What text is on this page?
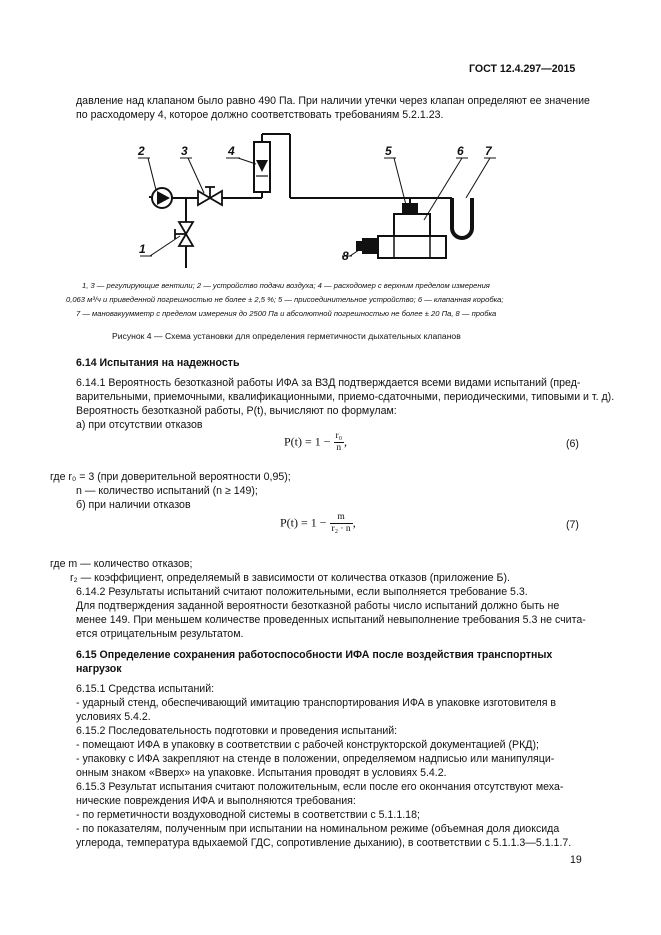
ГОСТ 12.4.297—2015
давление над клапаном было равно 490 Па. При наличии утечки через клапан определяют ее значение
по расходомеру 4, которое должно соответствовать требованиям 5.2.1.23.
2	3	4	5	6 7
1	8
1, 3 — регулирующие вентили; 2 — устройство подачи воздуха; 4 — расходомер с верхним пределом измерения
0,063 м³/ч и приведенной погрешностью не более ± 2,5 %; 5 — присоединительное устройство; 6 — клапанная коробка;
7 — мановакуумметр с пределом измерения до 2500 Па и абсолютной погрешностью не более ± 20 Па, 8 — пробка
Рисунок 4 — Схема установки для определения герметичности дыхательных клапанов
6.14 Испытания на надежность
6.14.1 Вероятность безотказной работы ИФА за ВЗД подтверждается всеми видами испытаний (пред-
варительными, приемочными, квалификационными, приемо-сдаточными, периодическими, типовыми и т. д).
Вероятность безотказной работы, P(t), вычисляют по формулам:
а) при отсутствии отказов
$P(t) = 1 - \frac{\text{r₀}}{n}$ ,	(6)
где r₀ = 3 (при доверительной вероятности 0,95);
n — количество испытаний (n ≥ 149);
б) при наличии отказов
$P(t) = 1 - \frac{m}{\text{r₂ · n}}$ ,	(7)
где m — количество отказов;
r₂ — коэффициент, определяемый в зависимости от количества отказов (приложение Б).
6.14.2 Результаты испытаний считают положительными, если выполняется требование 5.3.
Для подтверждения заданной вероятности безотказной работы число испытаний должно быть не
менее 149. При меньшем количестве проведенных испытаний невыполнение требования 5.3 не счита-
ется отрицательным результатом.
6.15 Определение сохранения работоспособности ИФА после воздействия транспортных
нагрузок
6.15.1 Средства испытаний:
- ударный стенд, обеспечивающий имитацию транспортирования ИФА в упаковке изготовителя в
условиях 5.4.2.
6.15.2 Последовательность подготовки и проведения испытаний:
- помещают ИФА в упаковку в соответствии с рабочей конструкторской документацией (РКД);
- упаковку с ИФА закрепляют на стенде в положении, определяемом надписью или манипуляци-
онным знаком «Вверх» на упаковке. Испытания проводят в условиях 5.4.2.
6.15.3 Результат испытания считают положительным, если после его окончания отсутствуют меха-
нические повреждения ИФА и выполняются требования:
- по герметичности воздуховодной системы в соответствии с 5.1.1.18;
- по показателям, полученным при испытании на номинальном режиме (объемная доля диоксида
углерода, температура вдыхаемой ГДС, сопротивление дыханию), в соответствии с 5.1.1.3—5.1.1.7.
19
